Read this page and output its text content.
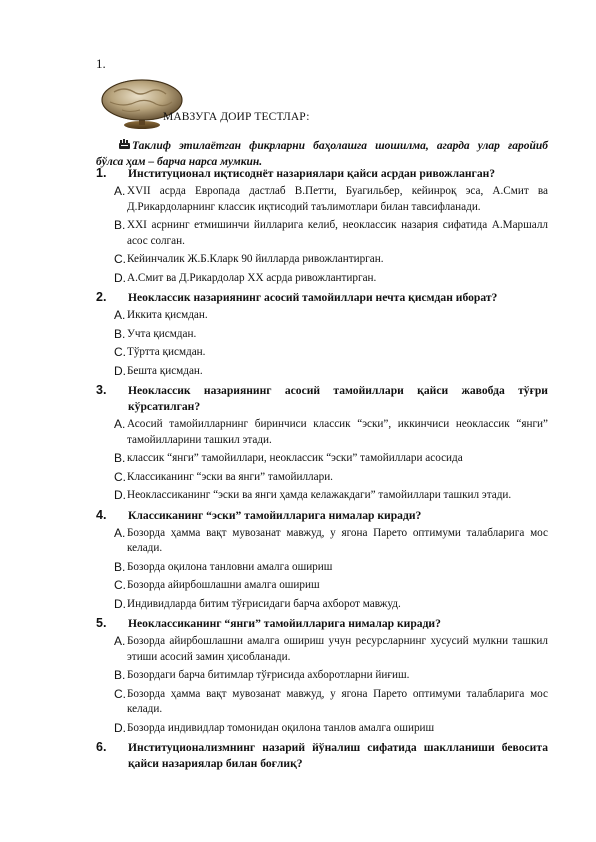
1.
МАВЗУГА ДОИР ТЕСТЛАР:
Таклиф этилаётган фикрларни баҳолашга шошилма, агарда улар ғаройиб
бўлса ҳам – барча нарса мумкин.
1. Институционал иқтисоднёт назариялари қайси асрдан ривожланган?
A. XVII асрда Европада дастлаб В.Петти, Буагильбер, кейинроқ эса, А.Смит ва Д.Рикардоларнинг классик иқтисодий таълимотлари билан тавсифланади.
B. XXI асрнинг етмишинчи йилларига келиб, неоклассик назария сифатида А.Маршалл асос солган.
C. Кейинчалик Ж.Б.Кларк 90 йилларда ривожлантирган.
D. А.Смит ва Д.Рикардолар ХХ асрда ривожлантирган.
2. Неоклассик назариянинг асосий тамойиллари нечта қисмдан иборат?
A. Иккита қисмдан.
B. Учта қисмдан.
C. Тўртта қисмдан.
D. Бешта қисмдан.
3. Неоклассик назариянинг асосий тамойиллари қайси жавобда тўғри кўрсатилган?
A. Асосий тамойилларнинг биринчиси классик “эски”, иккинчиси неоклассик “янги” тамойилларини ташкил этади.
B. классик “янги” тамойиллари, неоклассик “эски” тамойиллари асосида
C. Классиканинг “эски ва янги” тамойиллари.
D. Неоклассиканинг “эски ва янги ҳамда келажакдаги” тамойиллари ташкил этади.
4. Классиканинг “эски” тамойилларига нималар киради?
A. Бозорда ҳамма вақт мувозанат мавжуд, у ягона Парето оптимуми талабларига мос келади.
B. Бозорда оқилона танловни амалга ошириш
C. Бозорда айирбошлашни амалга ошириш
D. Индивидларда битим тўғрисидаги барча ахборот мавжуд.
5. Неоклассиканинг “янги” тамойилларига нималар киради?
A. Бозорда айирбошлашни амалга ошириш учун ресурсларнинг хусусий мулкни ташкил этиши асосий замин ҳисобланади.
B. Бозордаги барча битимлар тўғрисида ахборотларни йиғиш.
C. Бозорда ҳамма вақт мувозанат мавжуд, у ягона Парето оптимуми талабларига мос келади.
D. Бозорда индивидлар томонидан оқилона танлов амалга ошириш
6. Институционализмнинг назарий йўналиш сифатида шаклланиши бевосита қайси назариялар билан боғлиқ?
